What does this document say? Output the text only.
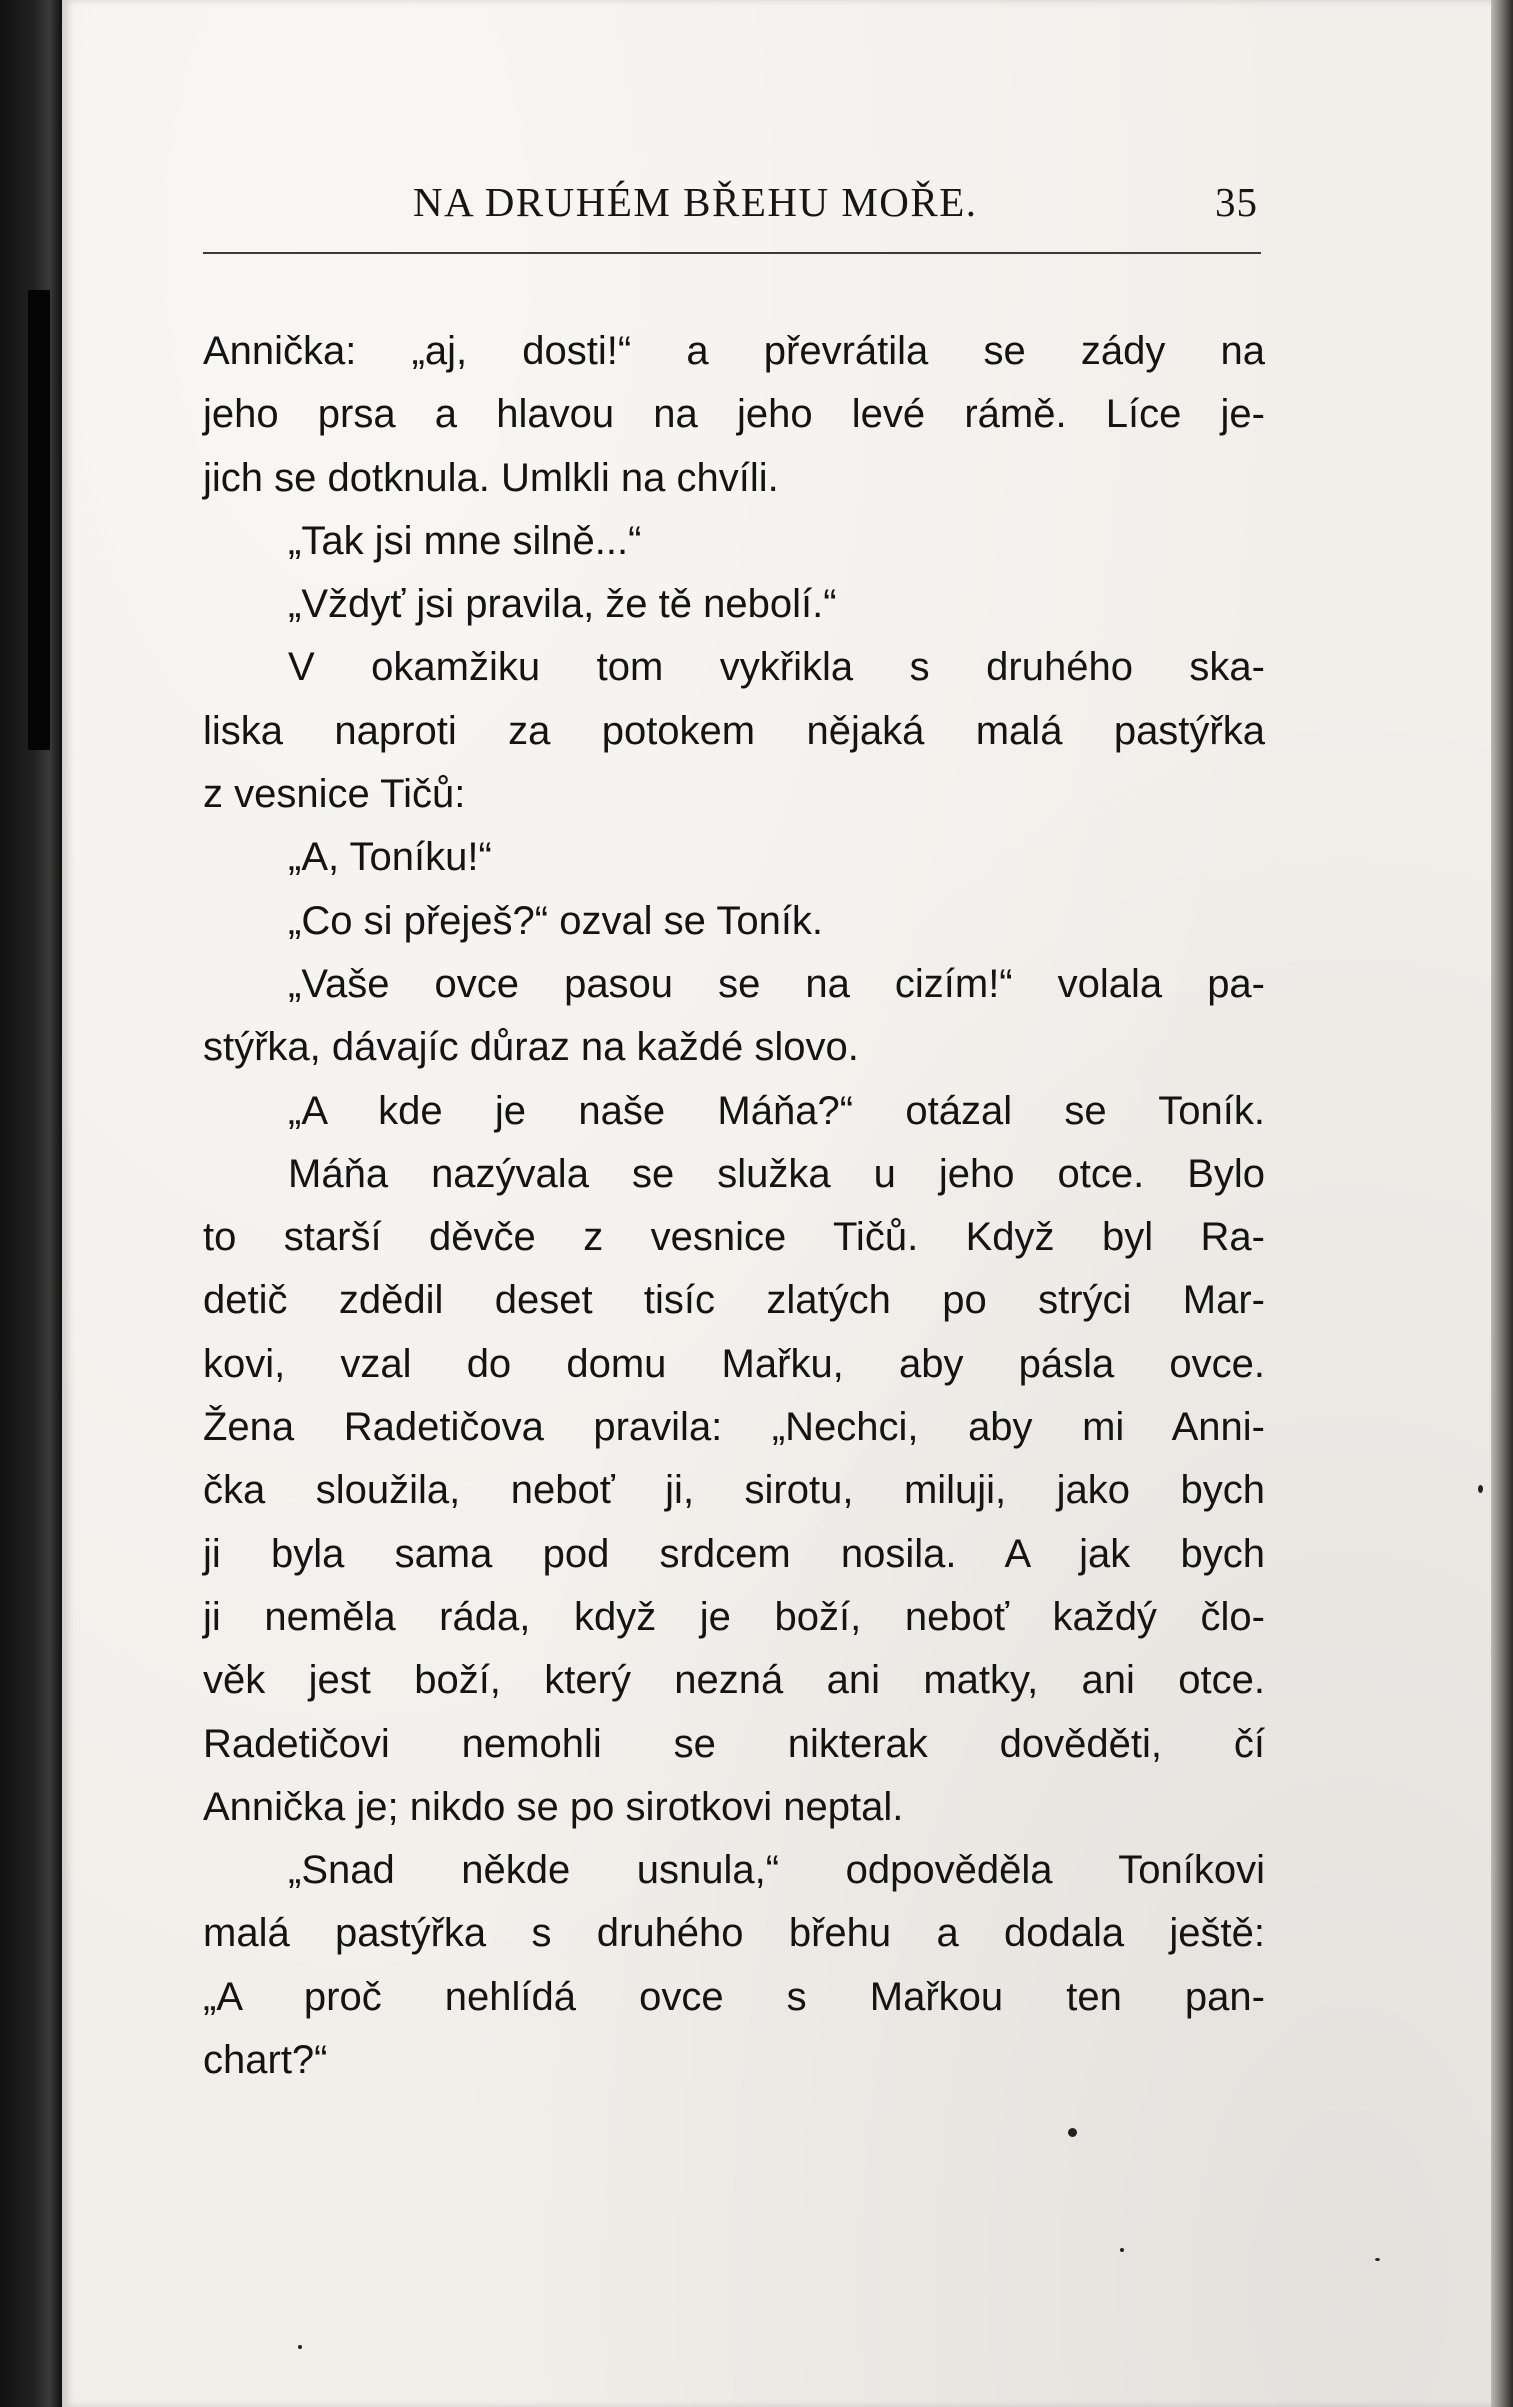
NA DRUHÉM BŘEHU MOŘE.	35
Annička: „aj, dosti!“ a převrátila se zády na
jeho prsa a hlavou na jeho levé rámě. Líce je-
jich se dotknula. Umlkli na chvíli.
„Tak jsi mne silně...“
„Vždyť jsi pravila, že tě nebolí.“
V okamžiku tom vykřikla s druhého ska-
liska naproti za potokem nějaká malá pastýřka
z vesnice Tičů:
„A, Toníku!“
„Co si přeješ?“ ozval se Toník.
„Vaše ovce pasou se na cizím!“ volala pa-
stýřka, dávajíc důraz na každé slovo.
„A kde je naše Máňa?“ otázal se Toník.
Máňa nazývala se služka u jeho otce. Bylo
to starší děvče z vesnice Tičů. Když byl Ra-
detič zdědil deset tisíc zlatých po strýci Mar-
kovi, vzal do domu Mařku, aby pásla ovce.
Žena Radetičova pravila: „Nechci, aby mi Anni-
čka sloužila, neboť ji, sirotu, miluji, jako bych
ji byla sama pod srdcem nosila. A jak bych
ji neměla ráda, když je boží, neboť každý člo-
věk jest boží, který nezná ani matky, ani otce.
Radetičovi nemohli se nikterak dověděti, čí
Annička je; nikdo se po sirotkovi neptal.
„Snad někde usnula,“ odpověděla Toníkovi
malá pastýřka s druhého břehu a dodala ještě:
„A proč nehlídá ovce s Mařkou ten pan-
chart?“
